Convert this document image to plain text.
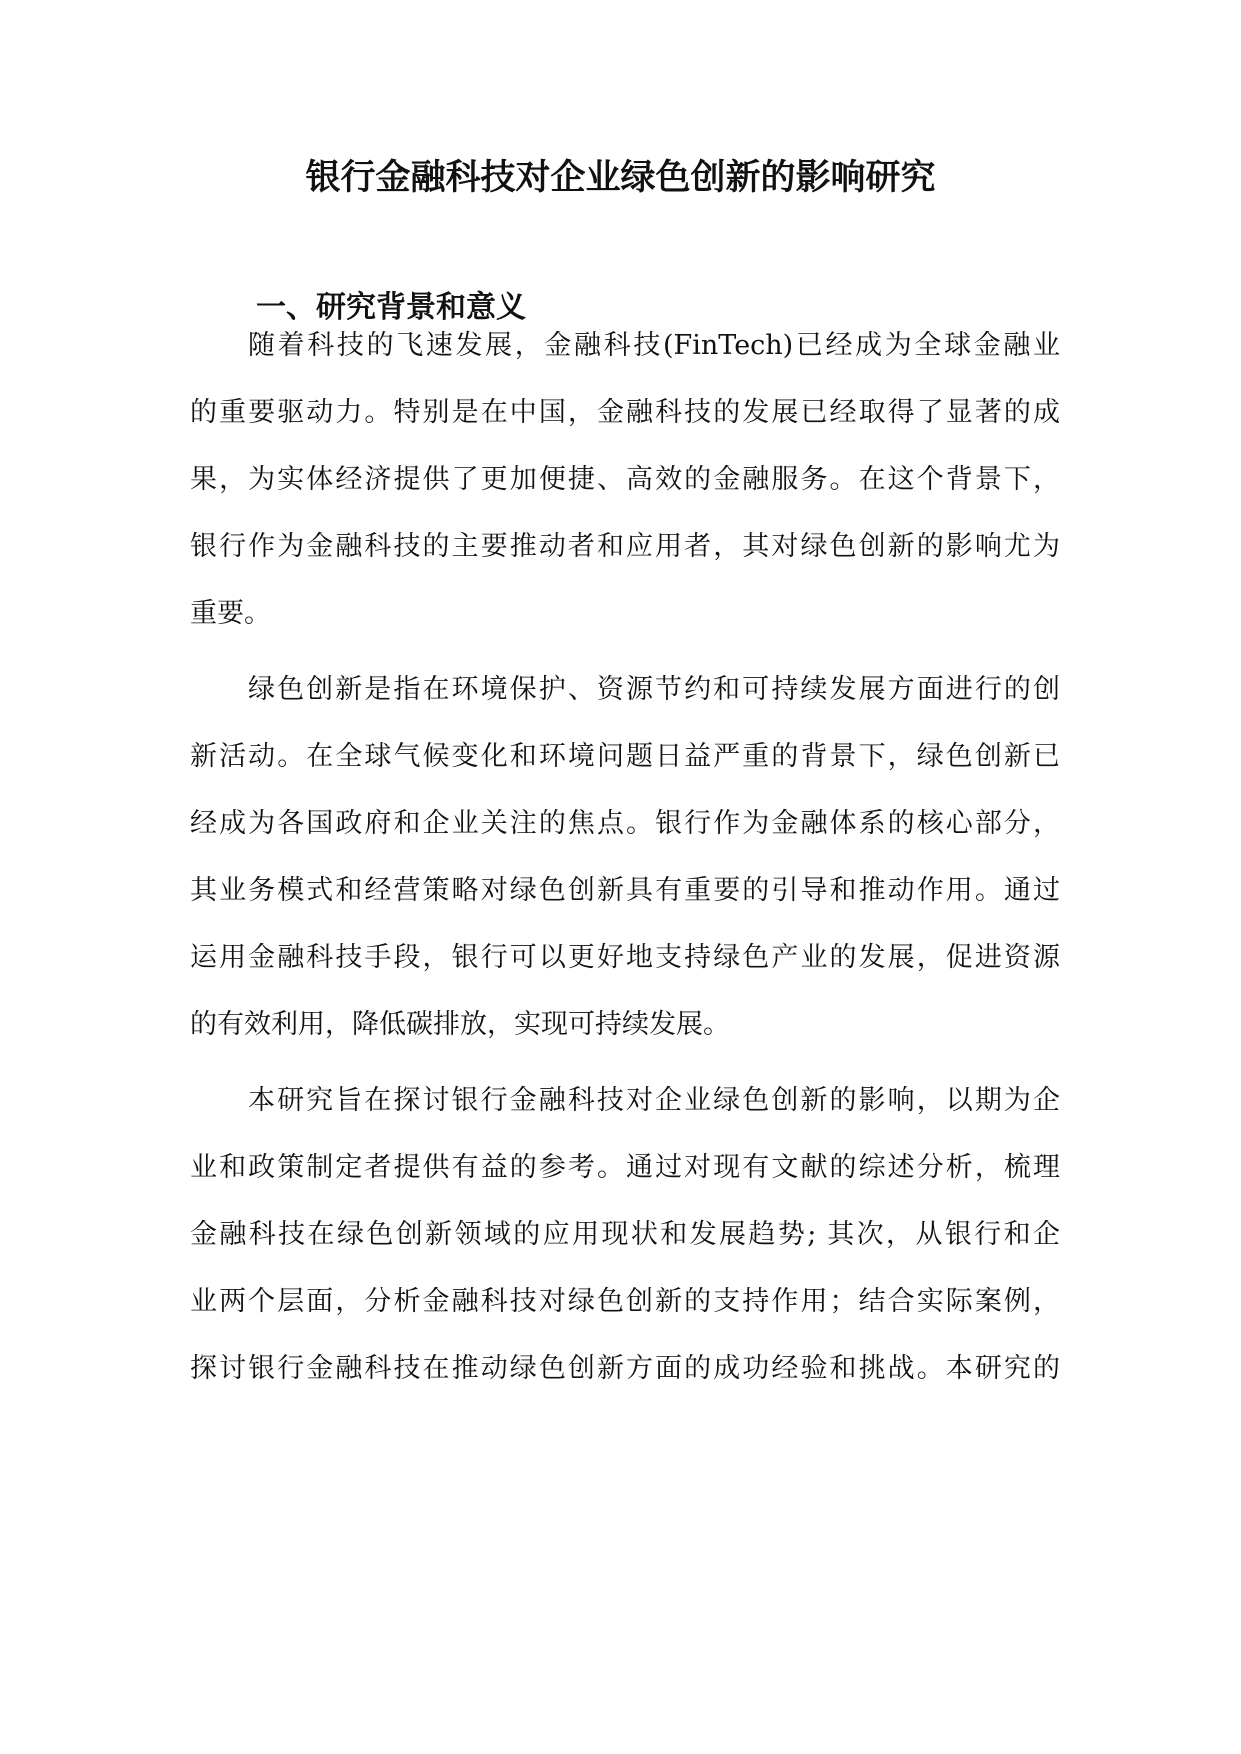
银行金融科技对企业绿色创新的影响研究
一、研究背景和意义

随着科技的飞速发展，金融科技(FinTech)已经成为全球金融业

的重要驱动力。特别是在中国，金融科技的发展已经取得了显著的成

果，为实体经济提供了更加便捷、高效的金融服务。在这个背景下，

银行作为金融科技的主要推动者和应用者，其对绿色创新的影响尤为

重要。

绿色创新是指在环境保护、资源节约和可持续发展方面进行的创

新活动。在全球气候变化和环境问题日益严重的背景下，绿色创新已

经成为各国政府和企业关注的焦点。银行作为金融体系的核心部分，

其业务模式和经营策略对绿色创新具有重要的引导和推动作用。通过

运用金融科技手段，银行可以更好地支持绿色产业的发展，促进资源

的有效利用，降低碳排放，实现可持续发展。

本研究旨在探讨银行金融科技对企业绿色创新的影响，以期为企

业和政策制定者提供有益的参考。通过对现有文献的综述分析，梳理

金融科技在绿色创新领域的应用现状和发展趋势; 其次，从银行和企

业两个层面，分析金融科技对绿色创新的支持作用；结合实际案例，

探讨银行金融科技在推动绿色创新方面的成功经验和挑战。本研究的
